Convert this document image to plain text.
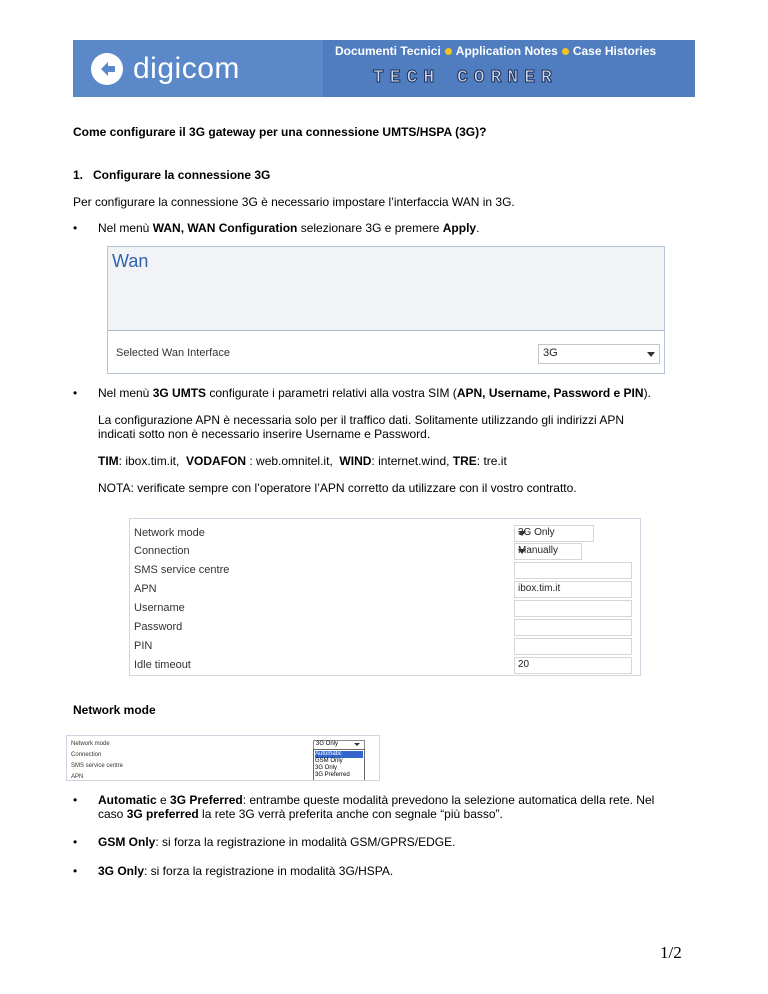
digicom
Documenti Tecnici Application Notes Case Histories
TECH CORNER
Come configurare il 3G gateway per una connessione UMTS/HSPA (3G)?
1.   Configurare la connessione 3G
Per configurare la connessione 3G è necessario impostare l’interfaccia WAN in 3G.
• Nel menù WAN, WAN Configuration selezionare 3G e premere Apply.
Wan
Selected Wan Interface	3G
• Nel menù 3G UMTS configurate i parametri relativi alla vostra SIM (APN, Username, Password e PIN).
La configurazione APN è necessaria solo per il traffico dati. Solitamente utilizzando gli indirizzi APN
indicati sotto non è necessario inserire Username e Password.
TIM: ibox.tim.it,  VODAFON : web.omnitel.it,  WIND: internet.wind, TRE: tre.it
NOTA: verificate sempre con l’operatore l’APN corretto da utilizzare con il vostro contratto.
Network mode	3G Only
Connection	Manually
SMS service centre
APN	ibox.tim.it
Username
Password
PIN
Idle timeout	20
Network mode
Network mode
Connection
SMS service centre
APN
3G Only
Automatic
GSM Only
3G Only
3G Preferred
• Automatic e 3G Preferred: entrambe queste modalità prevedono la selezione automatica della rete. Nel
caso 3G preferred la rete 3G verrà preferita anche con segnale “più basso”.
• GSM Only: si forza la registrazione in modalità GSM/GPRS/EDGE.
• 3G Only: si forza la registrazione in modalità 3G/HSPA.
1/2
